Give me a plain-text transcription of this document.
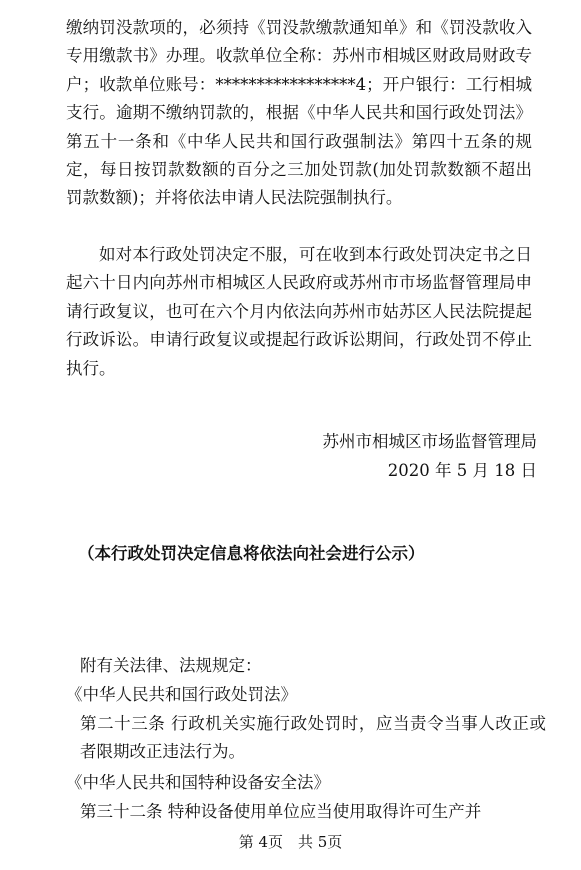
缴纳罚没款项的，必须持《罚没款缴款通知单》和《罚没款收入专用缴款书》办理。收款单位全称：苏州市相城区财政局财政专户；收款单位账号：*****************4；开户银行：工行相城支行。逾期不缴纳罚款的，根据《中华人民共和国行政处罚法》第五十一条和《中华人民共和国行政强制法》第四十五条的规定，每日按罚款数额的百分之三加处罚款(加处罚款数额不超出罚款数额)；并将依法申请人民法院强制执行。

如对本行政处罚决定不服，可在收到本行政处罚决定书之日起六十日内向苏州市相城区人民政府或苏州市市场监督管理局申请行政复议，也可在六个月内依法向苏州市姑苏区人民法院提起行政诉讼。申请行政复议或提起行政诉讼期间，行政处罚不停止执行。

苏州市相城区市场监督管理局

2020 年 5 月 18 日

（本行政处罚决定信息将依法向社会进行公示）

附有关法律、法规规定：

《中华人民共和国行政处罚法》

第二十三条 行政机关实施行政处罚时，应当责令当事人改正或者限期改正违法行为。

《中华人民共和国特种设备安全法》

第三十二条 特种设备使用单位应当使用取得许可生产并

第 4页　共 5页
